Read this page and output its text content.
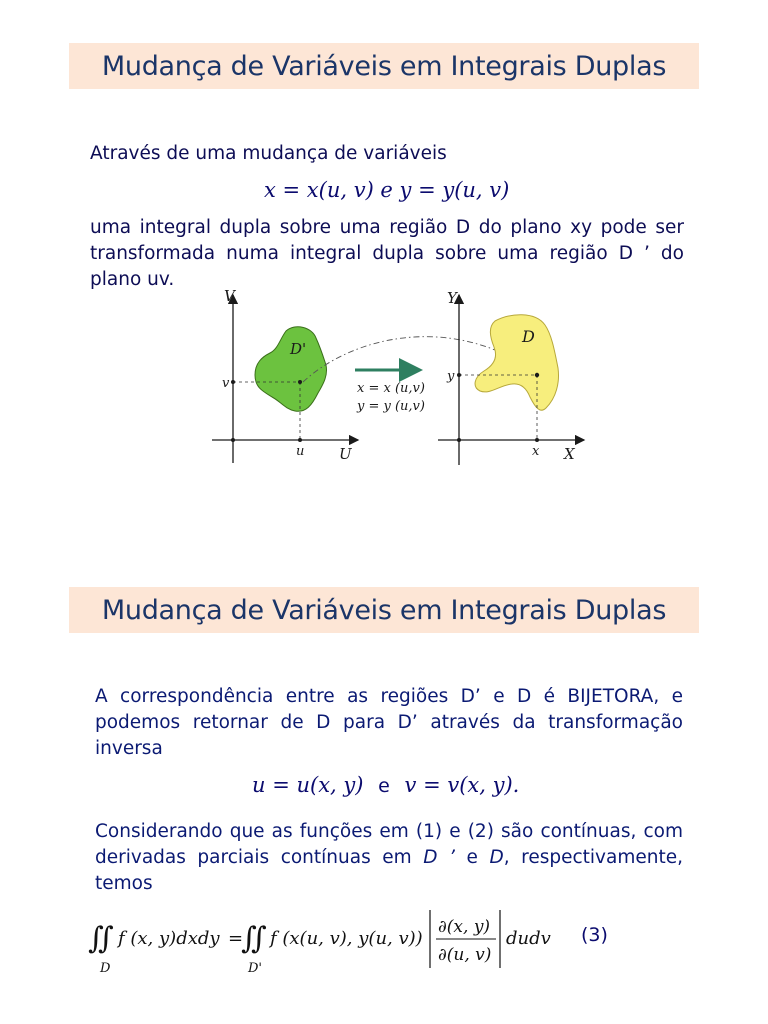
Mudança de Variáveis em Integrais Duplas
Através de uma mudança de variáveis
x = x(u, v) e y = y(u, v)
uma integral dupla sobre uma região D do plano xy pode ser transformada numa integral dupla sobre uma região D ’ do plano uv.
V
U
D'
v
u
x = x (u,v)
y = y (u,v)
Y
X
D
y
x
Mudança de Variáveis em Integrais Duplas
A correspondência entre as regiões D’ e D é BIJETORA, e podemos retornar de D para D’ através da transformação inversa
u = u(x, y) e v = v(x, y).
Considerando que as funções em (1) e (2) são contínuas, com derivadas parciais contínuas em D ’ e D, respectivamente, temos
∬
D
f (x, y)dxdy =
∬
D'
f (x(u, v), y(u, v))
∂(x, y)
∂(u, v)
dudv (3)
